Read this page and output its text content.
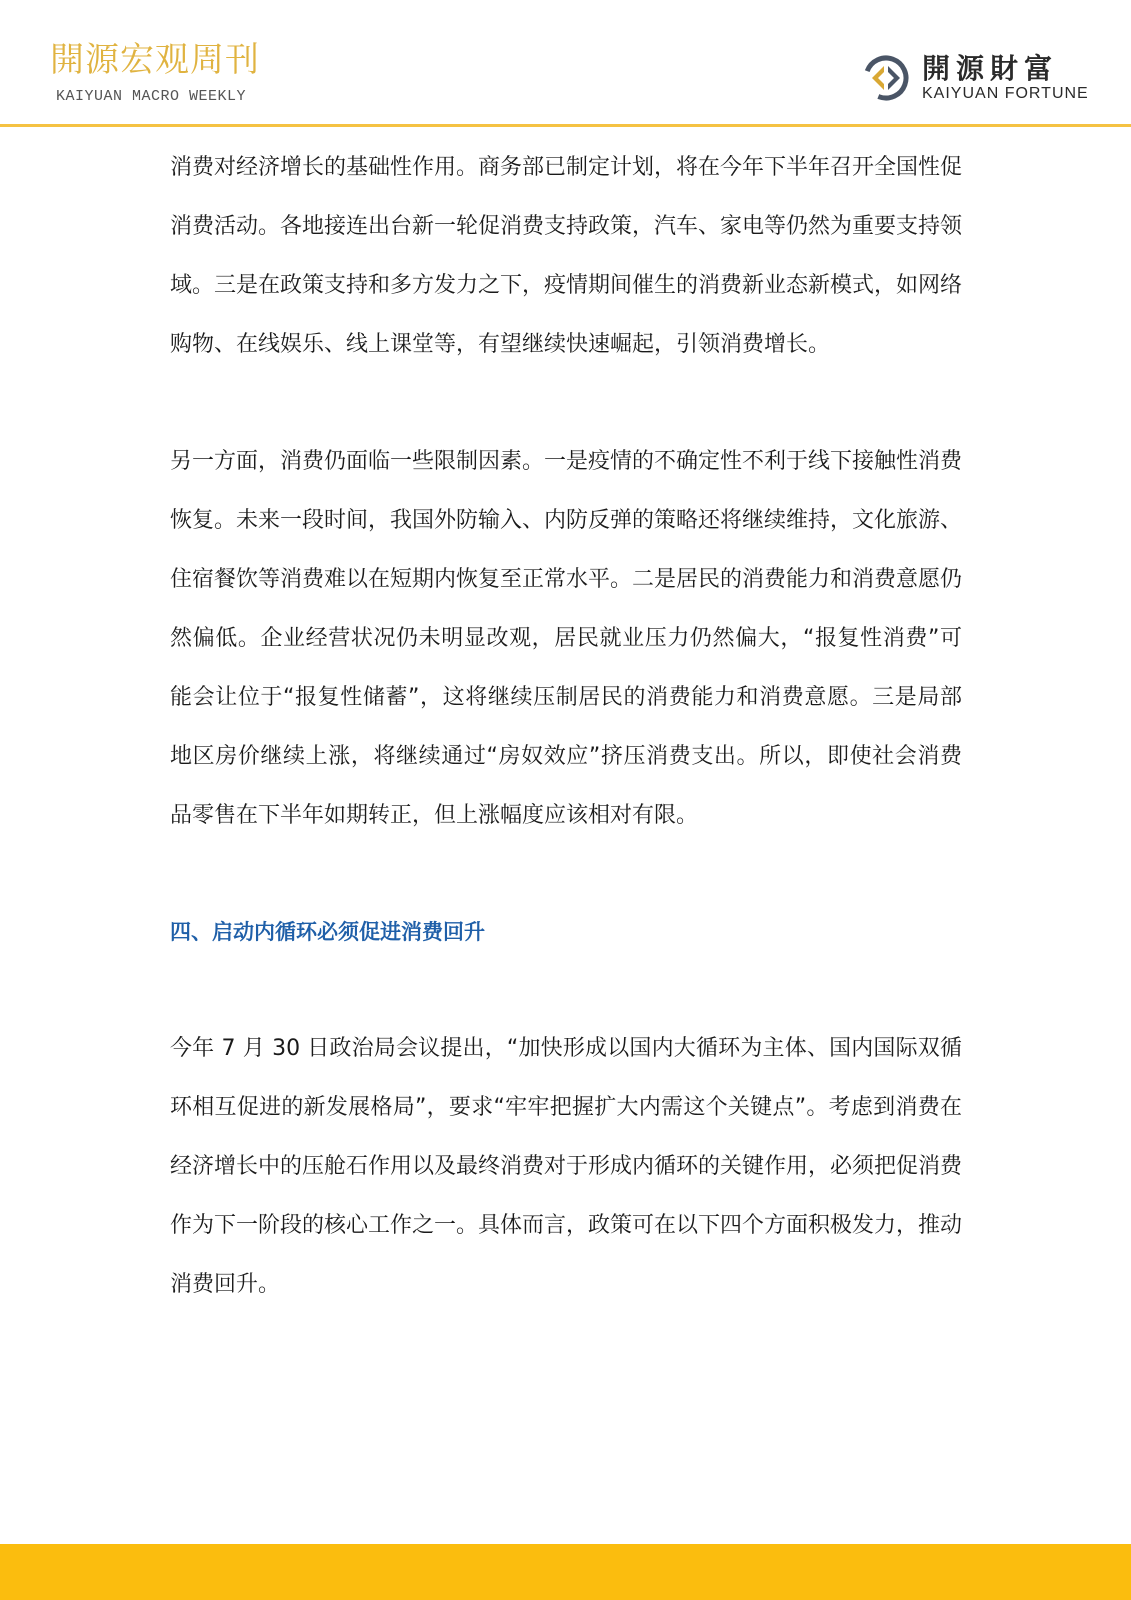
開源宏观周刊
KAIYUAN MACRO WEEKLY
開源財富
KAIYUAN FORTUNE

消费对经济增长的基础性作用。商务部已制定计划，将在今年下半年召开全国性促消费活动。各地接连出台新一轮促消费支持政策，汽车、家电等仍然为重要支持领域。三是在政策支持和多方发力之下，疫情期间催生的消费新业态新模式，如网络购物、在线娱乐、线上课堂等，有望继续快速崛起，引领消费增长。

另一方面，消费仍面临一些限制因素。一是疫情的不确定性不利于线下接触性消费恢复。未来一段时间，我国外防输入、内防反弹的策略还将继续维持，文化旅游、住宿餐饮等消费难以在短期内恢复至正常水平。二是居民的消费能力和消费意愿仍然偏低。企业经营状况仍未明显改观，居民就业压力仍然偏大，“报复性消费”可能会让位于“报复性储蓄”，这将继续压制居民的消费能力和消费意愿。三是局部地区房价继续上涨，将继续通过“房奴效应”挤压消费支出。所以，即使社会消费品零售在下半年如期转正，但上涨幅度应该相对有限。

四、启动内循环必须促进消费回升

今年 7 月 30 日政治局会议提出，“加快形成以国内大循环为主体、国内国际双循环相互促进的新发展格局”，要求“牢牢把握扩大内需这个关键点”。考虑到消费在经济增长中的压舱石作用以及最终消费对于形成内循环的关键作用，必须把促消费作为下一阶段的核心工作之一。具体而言，政策可在以下四个方面积极发力，推动消费回升。
